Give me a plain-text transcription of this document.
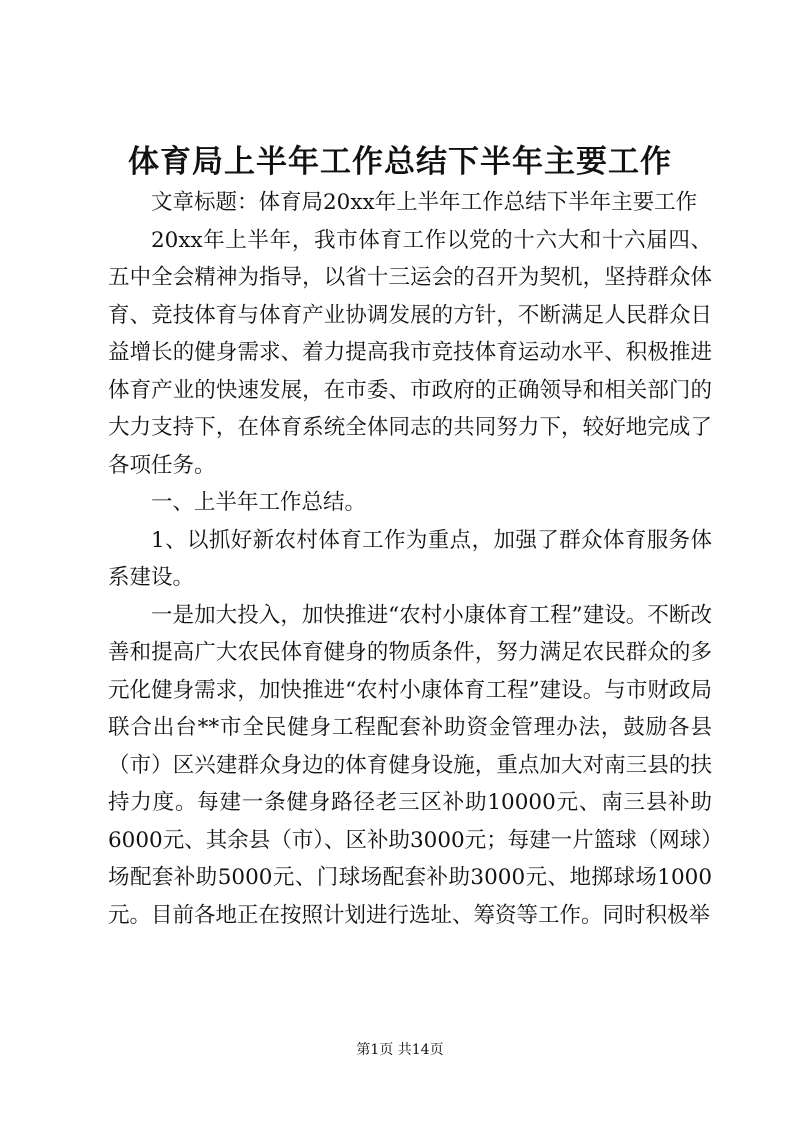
体育局上半年工作总结下半年主要工作

文章标题：体育局20xx年上半年工作总结下半年主要工作

20xx年上半年，我市体育工作以党的十六大和十六届四、五中全会精神为指导，以省十三运会的召开为契机，坚持群众体育、竞技体育与体育产业协调发展的方针，不断满足人民群众日益增长的健身需求、着力提高我市竞技体育运动水平、积极推进体育产业的快速发展，在市委、市政府的正确领导和相关部门的大力支持下，在体育系统全体同志的共同努力下，较好地完成了各项任务。

一、上半年工作总结。

1、以抓好新农村体育工作为重点，加强了群众体育服务体系建设。

一是加大投入，加快推进“农村小康体育工程”建设。不断改善和提高广大农民体育健身的物质条件，努力满足农民群众的多元化健身需求，加快推进“农村小康体育工程”建设。与市财政局联合出台**市全民健身工程配套补助资金管理办法，鼓励各县（市）区兴建群众身边的体育健身设施，重点加大对南三县的扶持力度。每建一条健身路径老三区补助10000元、南三县补助6000元、其余县（市）、区补助3000元；每建一片篮球（网球）场配套补助5000元、门球场配套补助3000元、地掷球场1000元。目前各地正在按照计划进行选址、筹资等工作。同时积极举

第1页 共14页
